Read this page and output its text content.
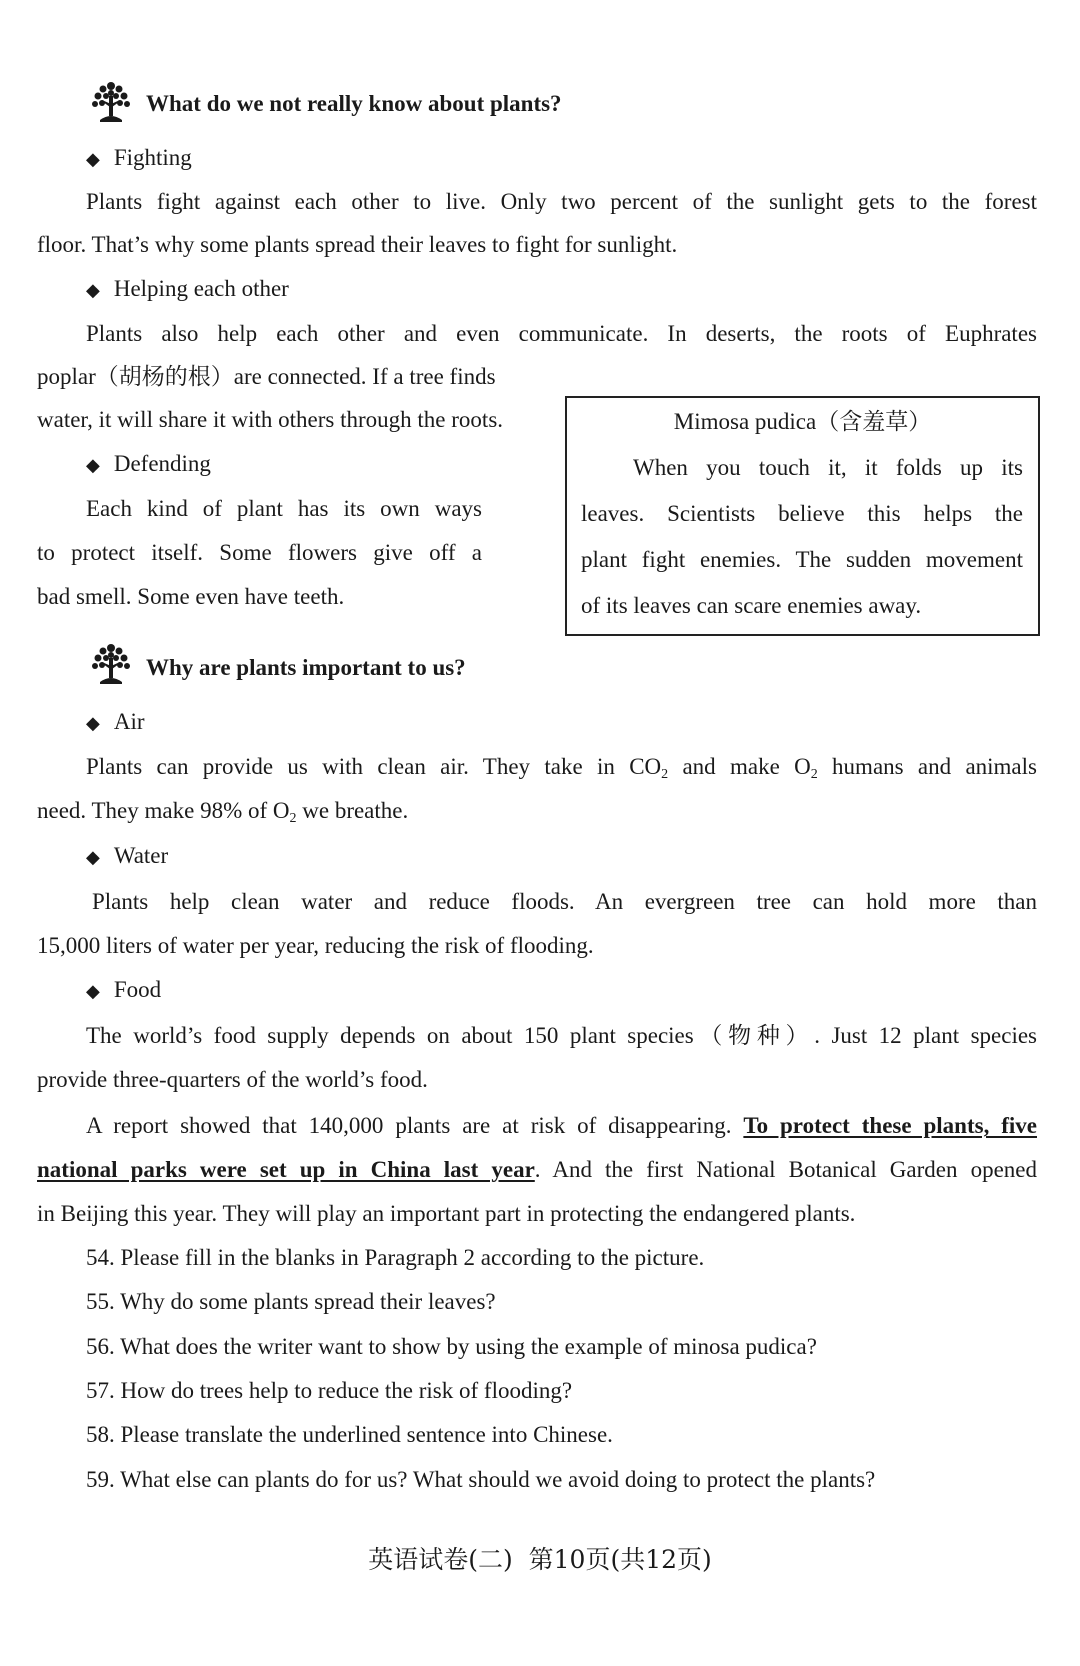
What do we not really know about plants?
◆ Fighting
Plants fight against each other to live. Only two percent of the sunlight gets to the forest
floor. That’s why some plants spread their leaves to fight for sunlight.
◆ Helping each other
Plants also help each other and even communicate. In deserts, the roots of Euphrates
poplar（胡杨的根）are connected. If a tree finds
water, it will share it with others through the roots.
◆ Defending
Each kind of plant has its own ways
to protect itself. Some flowers give off a
bad smell. Some even have teeth.
Mimosa pudica（含羞草）
When you touch it, it folds up its
leaves. Scientists believe this helps the
plant fight enemies. The sudden movement
of its leaves can scare enemies away.
Why are plants important to us?
◆ Air
Plants can provide us with clean air. They take in $CO_2$ and make $O_2$ humans and animals
need. They make 98% of $O_2$ we breathe.
◆ Water
Plants help clean water and reduce floods. An evergreen tree can hold more than
15,000 liters of water per year, reducing the risk of flooding.
◆ Food
The world’s food supply depends on about 150 plant species（物种）. Just 12 plant species
provide three-quarters of the world’s food.
A report showed that 140,000 plants are at risk of disappearing. To protect these plants, five
national parks were set up in China last year. And the first National Botanical Garden opened
in Beijing this year. They will play an important part in protecting the endangered plants.
54. Please fill in the blanks in Paragraph 2 according to the picture.
55. Why do some plants spread their leaves?
56. What does the writer want to show by using the example of minosa pudica?
57. How do trees help to reduce the risk of flooding?
58. Please translate the underlined sentence into Chinese.
59. What else can plants do for us? What should we avoid doing to protect the plants?
英语试卷(二)  第10页(共12页)
